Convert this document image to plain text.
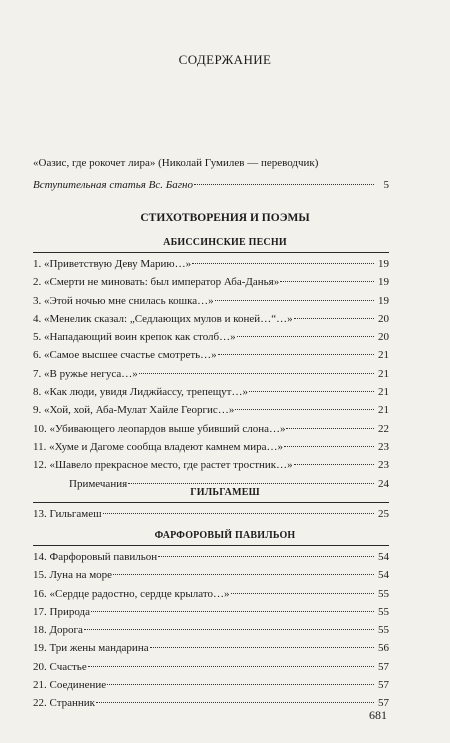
СОДЕРЖАНИЕ
«Оазис, где рокочет лира» (Николай Гумилев — переводчик)
Вступительная статья Вс. Багно	5
СТИХОТВОРЕНИЯ И ПОЭМЫ
АБИССИНСКИЕ ПЕСНИ
1. «Приветствую Деву Марию…»	19
2. «Смерти не миновать: был император Аба-Данья»	19
3. «Этой ночью мне снилась кошка…»	19
4. «Менелик сказал: „Седлающих мулов и коней…“…»	20
5. «Нападающий воин крепок как столб…»	20
6. «Самое высшее счастье смотреть…»	21
7. «В ружье негуса…»	21
8. «Как люди, увидя Лиджйассу, трепещут…»	21
9. «Хой, хой, Аба-Мулат Хайле Георгис…»	21
10. «Убивающего леопардов выше убивший слона…»	22
11. «Хуме и Дагоме сообща владеют камнем мира…»	23
12. «Шавело прекрасное место, где растет тростник…»	23
Примечания	24
ГИЛЬГАМЕШ
13. Гильгамеш	25
ФАРФОРОВЫЙ ПАВИЛЬОН
14. Фарфоровый павильон	54
15. Луна на море	54
16. «Сердце радостно, сердце крылато…»	55
17. Природа	55
18. Дорога	55
19. Три жены мандарина	56
20. Счастье	57
21. Соединение	57
22. Странник	57
681
